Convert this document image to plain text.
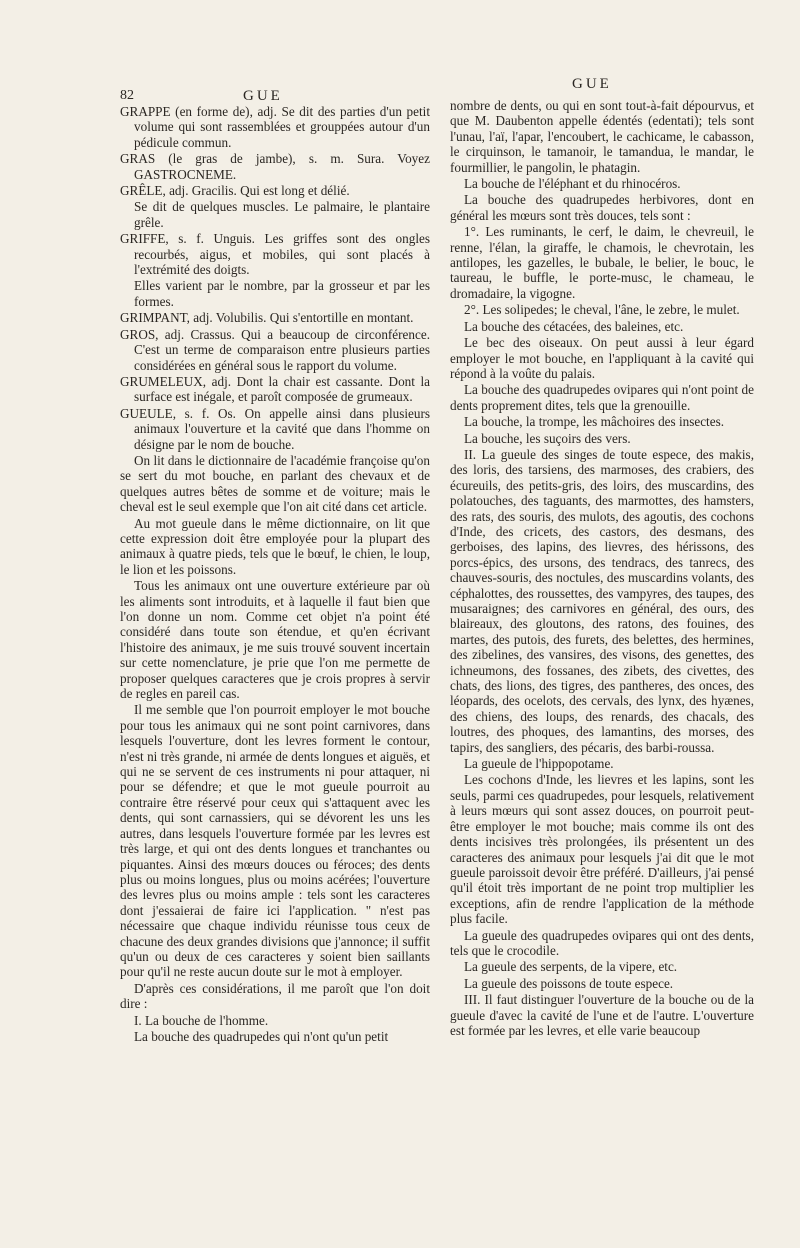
82	GUE
GUE

GRAPPE (en forme de), adj. Se dit des parties d'un petit volume qui sont rassemblées et grouppées autour d'un pédicule commun.

GRAS (le gras de jambe), s. m. Sura. Voyez GASTROCNEME.

GRÊLE, adj. Gracilis. Qui est long et délié.

Se dit de quelques muscles. Le palmaire, le plantaire grêle.

GRIFFE, s. f. Unguis. Les griffes sont des ongles recourbés, aigus, et mobiles, qui sont placés à l'extrémité des doigts.

Elles varient par le nombre, par la grosseur et par les formes.

GRIMPANT, adj. Volubilis. Qui s'entortille en montant.

GROS, adj. Crassus. Qui a beaucoup de circonférence. C'est un terme de comparaison entre plusieurs parties considérées en général sous le rapport du volume.

GRUMELEUX, adj. Dont la chair est cassante. Dont la surface est inégale, et paroît composée de grumeaux.

GUEULE, s. f. Os. On appelle ainsi dans plusieurs animaux l'ouverture et la cavité que dans l'homme on désigne par le nom de bouche.

On lit dans le dictionnaire de l'académie françoise qu'on se sert du mot bouche, en parlant des chevaux et de quelques autres bêtes de somme et de voiture; mais le cheval est le seul exemple que l'on ait cité dans cet article.

Au mot gueule dans le même dictionnaire, on lit que cette expression doit être employée pour la plupart des animaux à quatre pieds, tels que le bœuf, le chien, le loup, le lion et les poissons.

Tous les animaux ont une ouverture extérieure par où les aliments sont introduits, et à laquelle il faut bien que l'on donne un nom. Comme cet objet n'a point été considéré dans toute son étendue, et qu'en écrivant l'histoire des animaux, je me suis trouvé souvent incertain sur cette nomenclature, je prie que l'on me permette de proposer quelques caracteres que je crois propres à servir de regles en pareil cas.

Il me semble que l'on pourroit employer le mot bouche pour tous les animaux qui ne sont point carnivores, dans lesquels l'ouverture, dont les levres forment le contour, n'est ni très grande, ni armée de dents longues et aiguës, et qui ne se servent de ces instruments ni pour attaquer, ni pour se défendre; et que le mot gueule pourroit au contraire être réservé pour ceux qui s'attaquent avec les dents, qui sont carnassiers, qui se dévorent les uns les autres, dans lesquels l'ouverture formée par les levres est très large, et qui ont des dents longues et tranchantes ou piquantes. Ainsi des mœurs douces ou féroces; des dents plus ou moins longues, plus ou moins acérées; l'ouverture des levres plus ou moins ample : tels sont les caracteres dont j'essaierai de faire ici l'application. " n'est pas nécessaire que chaque individu réunisse tous ceux de chacune des deux grandes divisions que j'annonce; il suffit qu'un ou deux de ces caracteres y soient bien saillants pour qu'il ne reste aucun doute sur le mot à employer.

D'après ces considérations, il me paroît que l'on doit dire :

I. La bouche de l'homme.

La bouche des quadrupedes qui n'ont qu'un petit

nombre de dents, ou qui en sont tout-à-fait dépourvus, et que M. Daubenton appelle édentés (edentati); tels sont l'unau, l'aï, l'apar, l'encoubert, le cachicame, le cabasson, le cirquinson, le tamanoir, le tamandua, le mandar, le fourmillier, le pangolin, le phatagin.

La bouche de l'éléphant et du rhinocéros.

La bouche des quadrupedes herbivores, dont en général les mœurs sont très douces, tels sont :

1°. Les ruminants, le cerf, le daim, le chevreuil, le renne, l'élan, la giraffe, le chamois, le chevrotain, les antilopes, les gazelles, le bubale, le belier, le bouc, le taureau, le buffle, le porte-musc, le chameau, le dromadaire, la vigogne.

2°. Les solipedes; le cheval, l'âne, le zebre, le mulet.

La bouche des cétacées, des baleines, etc.

Le bec des oiseaux. On peut aussi à leur égard employer le mot bouche, en l'appliquant à la cavité qui répond à la voûte du palais.

La bouche des quadrupedes ovipares qui n'ont point de dents proprement dites, tels que la grenouille.

La bouche, la trompe, les mâchoires des insectes.

La bouche, les suçoirs des vers.

II. La gueule des singes de toute espece, des makis, des loris, des tarsiens, des marmoses, des crabiers, des écureuils, des petits-gris, des loirs, des muscardins, des polatouches, des taguants, des marmottes, des hamsters, des rats, des souris, des mulots, des agoutis, des cochons d'Inde, des cricets, des castors, des desmans, des gerboises, des lapins, des lievres, des hérissons, des porcs-épics, des ursons, des tendracs, des tanrecs, des chauves-souris, des noctules, des muscardins volants, des céphalottes, des roussettes, des vampyres, des taupes, des musaraignes; des carnivores en général, des ours, des blaireaux, des gloutons, des ratons, des fouines, des martes, des putois, des furets, des belettes, des hermines, des zibelines, des vansires, des visons, des genettes, des ichneumons, des fossanes, des zibets, des civettes, des chats, des lions, des tigres, des pantheres, des onces, des léopards, des ocelots, des cervals, des lynx, des hyænes, des chiens, des loups, des renards, des chacals, des loutres, des phoques, des lamantins, des morses, des tapirs, des sangliers, des pécaris, des barbi-roussa.

La gueule de l'hippopotame.

Les cochons d'Inde, les lievres et les lapins, sont les seuls, parmi ces quadrupedes, pour lesquels, relativement à leurs mœurs qui sont assez douces, on pourroit peut-être employer le mot bouche; mais comme ils ont des dents incisives très prolongées, ils présentent un des caracteres des animaux pour lesquels j'ai dit que le mot gueule paroissoit devoir être préféré. D'ailleurs, j'ai pensé qu'il étoit très important de ne point trop multiplier les exceptions, afin de rendre l'application de la méthode plus facile.

La gueule des quadrupedes ovipares qui ont des dents, tels que le crocodile.

La gueule des serpents, de la vipere, etc.

La gueule des poissons de toute espece.

III. Il faut distinguer l'ouverture de la bouche ou de la gueule d'avec la cavité de l'une et de l'autre. L'ouverture est formée par les levres, et elle varie beaucoup
